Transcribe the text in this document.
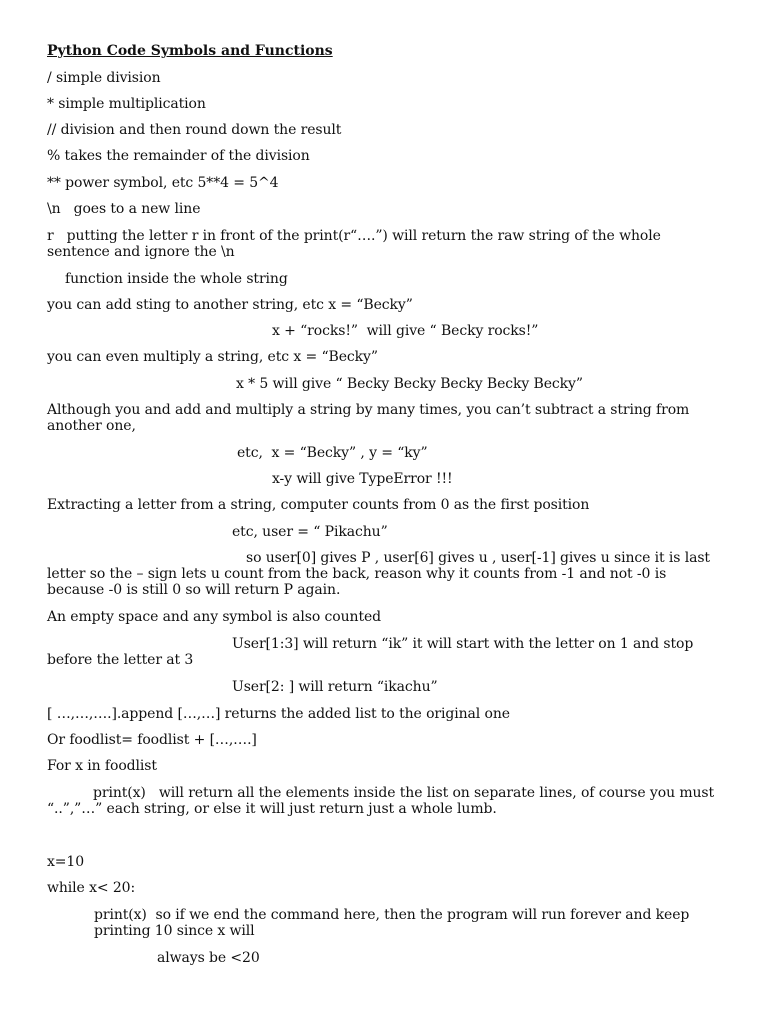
Python Code Symbols and Functions
/ simple division
* simple multiplication
// division and then round down the result
% takes the remainder of the division
** power symbol, etc 5**4 = 5^4
\n   goes to a new line
r   putting the letter r in front of the print(r“….”) will return the raw string of the whole sentence and ignore the \n
function inside the whole string
you can add sting to another string, etc x = “Becky”
x + “rocks!”  will give “ Becky rocks!”
you can even multiply a string, etc x = “Becky”
x * 5 will give “ Becky Becky Becky Becky Becky”
Although you and add and multiply a string by many times, you can’t subtract a string from another one,
etc,  x = “Becky” , y = “ky”
x-y will give TypeError !!!
Extracting a letter from a string, computer counts from 0 as the first position
etc, user = “ Pikachu”
so user[0] gives P , user[6] gives u , user[-1] gives u since it is last letter so the – sign lets u count from the back, reason why it counts from -1 and not -0 is because -0 is still 0 so will return P again.
An empty space and any symbol is also counted
User[1:3] will return “ik” it will start with the letter on 1 and stop before the letter at 3
User[2: ] will return “ikachu”
[ …,…,….].append […,…] returns the added list to the original one
Or foodlist= foodlist + […,….]
For x in foodlist
print(x)   will return all the elements inside the list on separate lines, of course you must “..”,”…” each string, or else it will just return just a whole lumb.
x=10
while x< 20:
print(x)  so if we end the command here, then the program will run forever and keep printing 10 since x will
always be <20
